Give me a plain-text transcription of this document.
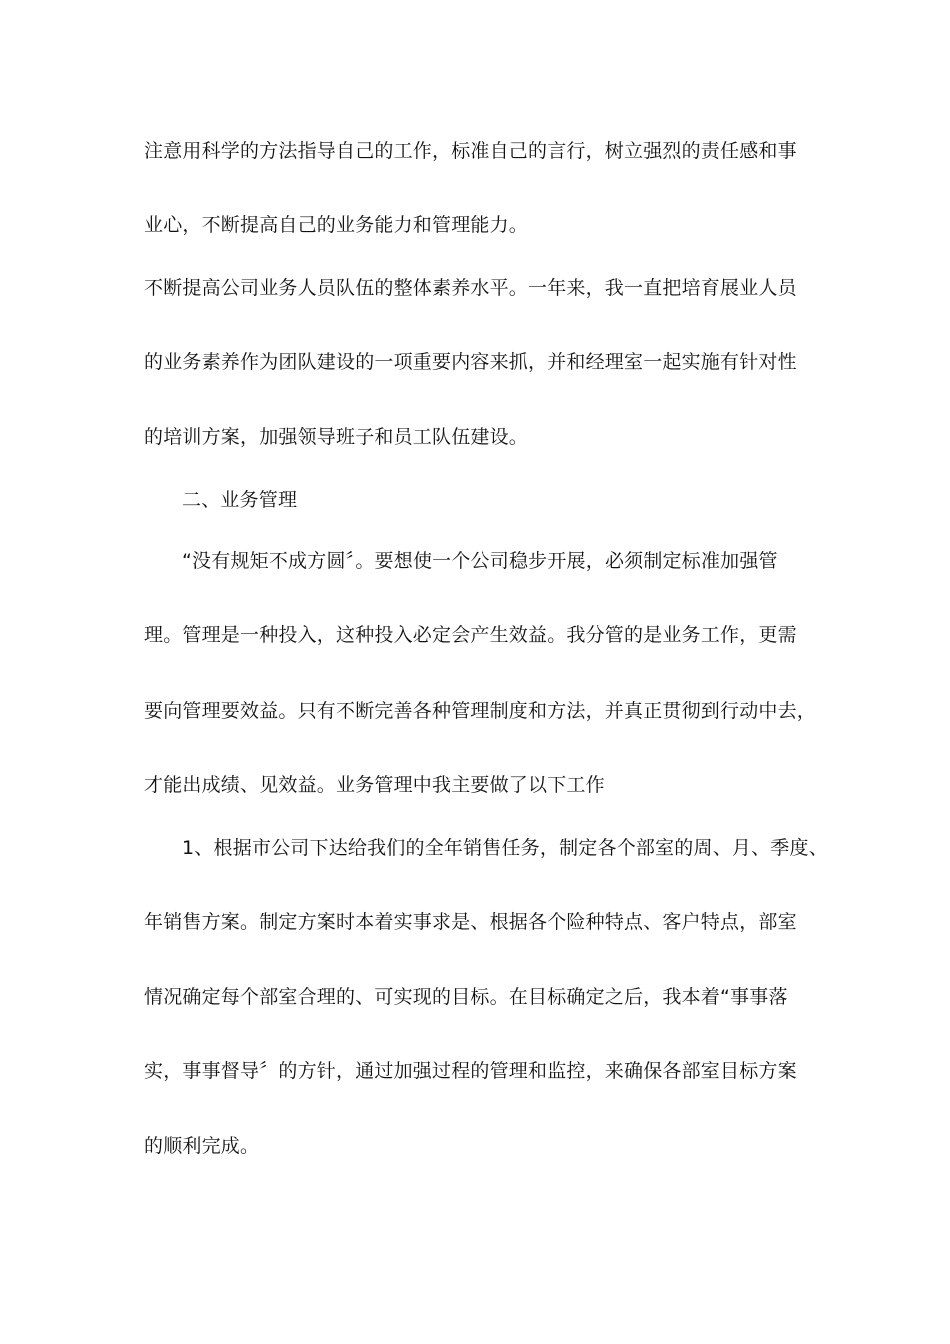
注意用科学的方法指导自己的工作，标准自己的言行，树立强烈的责任感和事
业心，不断提高自己的业务能力和管理能力。
不断提高公司业务人员队伍的整体素养水平。一年来，我一直把培育展业人员
的业务素养作为团队建设的一项重要内容来抓，并和经理室一起实施有针对性
的培训方案，加强领导班子和员工队伍建设。
二、业务管理
“没有规矩不成方圆〞。要想使一个公司稳步开展，必须制定标准加强管
理。管理是一种投入，这种投入必定会产生效益。我分管的是业务工作，更需
要向管理要效益。只有不断完善各种管理制度和方法，并真正贯彻到行动中去，
才能出成绩、见效益。业务管理中我主要做了以下工作
1、根据市公司下达给我们的全年销售任务，制定各个部室的周、月、季度、
年销售方案。制定方案时本着实事求是、根据各个险种特点、客户特点，部室
情况确定每个部室合理的、可实现的目标。在目标确定之后，我本着“事事落
实，事事督导〞的方针，通过加强过程的管理和监控，来确保各部室目标方案
的顺利完成。
